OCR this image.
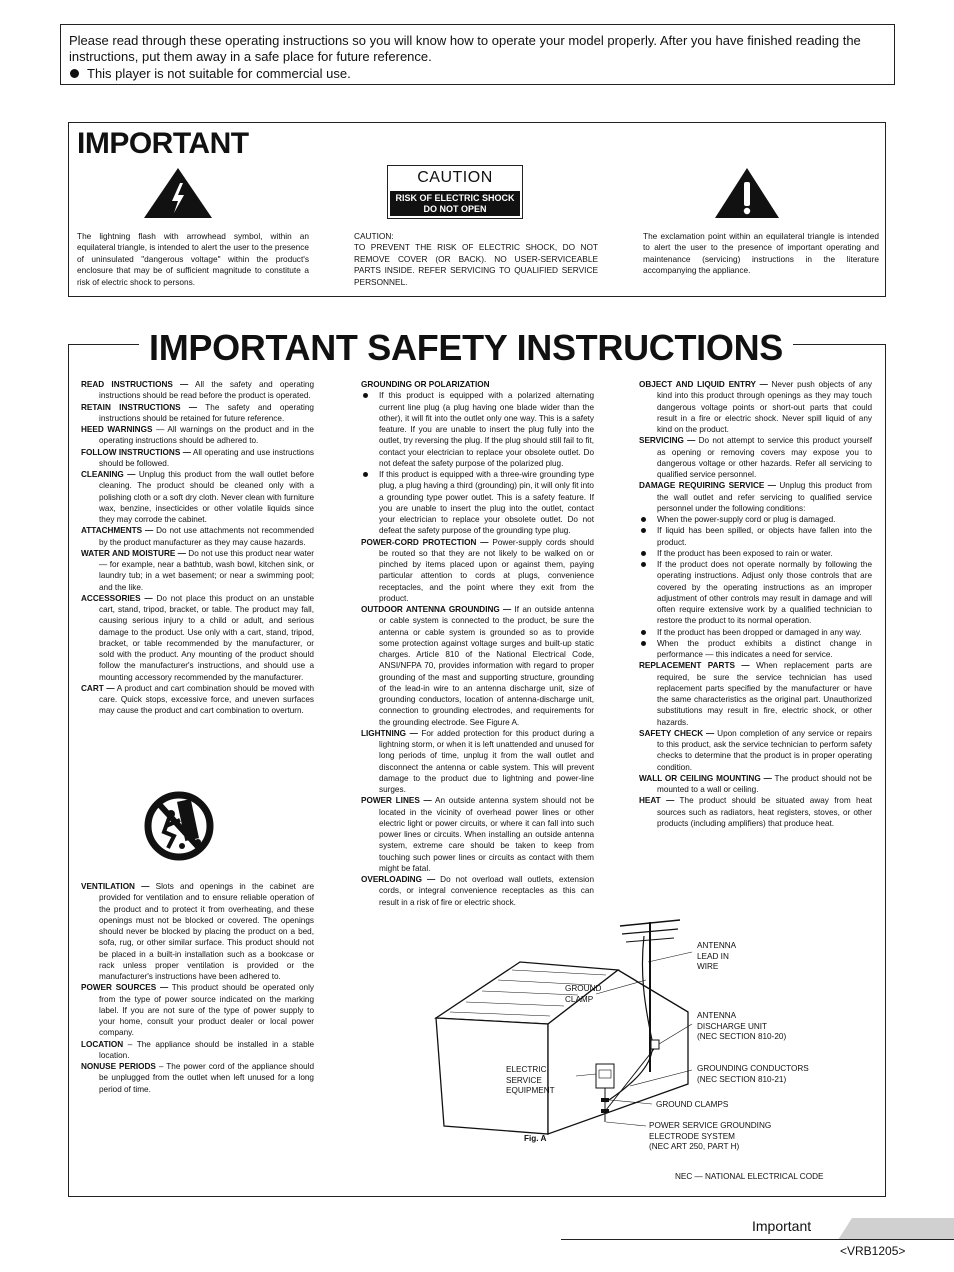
Please read through these operating instructions so you will know how to operate your model properly. After you have finished reading the instructions, put them away in a safe place for future reference.

This player is not suitable for commercial use.

IMPORTANT
CAUTION
RISK OF ELECTRIC SHOCK
DO NOT OPEN

The lightning flash with arrowhead symbol, within an equilateral triangle, is intended to alert the user to the presence of uninsulated "dangerous voltage" within the product's enclosure that may be of sufficient magnitude to constitute a risk of electric shock to persons.

CAUTION:
TO PREVENT THE RISK OF ELECTRIC SHOCK, DO NOT REMOVE COVER (OR BACK). NO USER-SERVICEABLE PARTS INSIDE. REFER SERVICING TO QUALIFIED SERVICE PERSONNEL.

The exclamation point within an equilateral triangle is intended to alert the user to the presence of important operating and maintenance (servicing) instructions in the literature accompanying the appliance.

IMPORTANT SAFETY INSTRUCTIONS
READ INSTRUCTIONS — All the safety and operating instructions should be read before the product is operated.
RETAIN INSTRUCTIONS — The safety and operating instructions should be retained for future reference.
HEED WARNINGS — All warnings on the product and in the operating instructions should be adhered to.
FOLLOW INSTRUCTIONS — All operating and use instructions should be followed.
CLEANING — Unplug this product from the wall outlet before cleaning. The product should be cleaned only with a polishing cloth or a soft dry cloth. Never clean with furniture wax, benzine, insecticides or other volatile liquids since they may corrode the cabinet.
ATTACHMENTS — Do not use attachments not recommended by the product manufacturer as they may cause hazards.
WATER AND MOISTURE — Do not use this product near water — for example, near a bathtub, wash bowl, kitchen sink, or laundry tub; in a wet basement; or near a swimming pool; and the like.
ACCESSORIES — Do not place this product on an unstable cart, stand, tripod, bracket, or table. The product may fall, causing serious injury to a child or adult, and serious damage to the product. Use only with a cart, stand, tripod, bracket, or table recommended by the manufacturer, or sold with the product. Any mounting of the product should follow the manufacturer's instructions, and should use a mounting accessory recommended by the manufacturer.
CART — A product and cart combination should be moved with care. Quick stops, excessive force, and uneven surfaces may cause the product and cart combination to overturn.
VENTILATION — Slots and openings in the cabinet are provided for ventilation and to ensure reliable operation of the product and to protect it from overheating, and these openings must not be blocked or covered. The openings should never be blocked by placing the product on a bed, sofa, rug, or other similar surface. This product should not be placed in a built-in installation such as a bookcase or rack unless proper ventilation is provided or the manufacturer's instructions have been adhered to.
POWER SOURCES — This product should be operated only from the type of power source indicated on the marking label. If you are not sure of the type of power supply to your home, consult your product dealer or local power company.
LOCATION – The appliance should be installed in a stable location.
NONUSE PERIODS – The power cord of the appliance should be unplugged from the outlet when left unused for a long period of time.
GROUNDING OR POLARIZATION
If this product is equipped with a polarized alternating current line plug (a plug having one blade wider than the other), it will fit into the outlet only one way. This is a safety feature. If you are unable to insert the plug fully into the outlet, try reversing the plug. If the plug should still fail to fit, contact your electrician to replace your obsolete outlet. Do not defeat the safety purpose of the polarized plug.
If this product is equipped with a three-wire grounding type plug, a plug having a third (grounding) pin, it will only fit into a grounding type power outlet. This is a safety feature. If you are unable to insert the plug into the outlet, contact your electrician to replace your obsolete outlet. Do not defeat the safety purpose of the grounding type plug.
POWER-CORD PROTECTION — Power-supply cords should be routed so that they are not likely to be walked on or pinched by items placed upon or against them, paying particular attention to cords at plugs, convenience receptacles, and the point where they exit from the product.
OUTDOOR ANTENNA GROUNDING — If an outside antenna or cable system is connected to the product, be sure the antenna or cable system is grounded so as to provide some protection against voltage surges and built-up static charges. Article 810 of the National Electrical Code, ANSI/NFPA 70, provides information with regard to proper grounding of the mast and supporting structure, grounding of the lead-in wire to an antenna discharge unit, size of grounding conductors, location of antenna-discharge unit, connection to grounding electrodes, and requirements for the grounding electrode. See Figure A.
LIGHTNING — For added protection for this product during a lightning storm, or when it is left unattended and unused for long periods of time, unplug it from the wall outlet and disconnect the antenna or cable system. This will prevent damage to the product due to lightning and power-line surges.
POWER LINES — An outside antenna system should not be located in the vicinity of overhead power lines or other electric light or power circuits, or where it can fall into such power lines or circuits. When installing an outside antenna system, extreme care should be taken to keep from touching such power lines or circuits as contact with them might be fatal.
OVERLOADING — Do not overload wall outlets, extension cords, or integral convenience receptacles as this can result in a risk of fire or electric shock.
OBJECT AND LIQUID ENTRY — Never push objects of any kind into this product through openings as they may touch dangerous voltage points or short-out parts that could result in a fire or electric shock. Never spill liquid of any kind on the product.
SERVICING — Do not attempt to service this product yourself as opening or removing covers may expose you to dangerous voltage or other hazards. Refer all servicing to qualified service personnel.
DAMAGE REQUIRING SERVICE — Unplug this product from the wall outlet and refer servicing to qualified service personnel under the following conditions:
When the power-supply cord or plug is damaged.
If liquid has been spilled, or objects have fallen into the product.
If the product has been exposed to rain or water.
If the product does not operate normally by following the operating instructions. Adjust only those controls that are covered by the operating instructions as an improper adjustment of other controls may result in damage and will often require extensive work by a qualified technician to restore the product to its normal operation.
If the product has been dropped or damaged in any way.
When the product exhibits a distinct change in performance — this indicates a need for service.
REPLACEMENT PARTS — When replacement parts are required, be sure the service technician has used replacement parts specified by the manufacturer or have the same characteristics as the original part. Unauthorized substitutions may result in fire, electric shock, or other hazards.
SAFETY CHECK — Upon completion of any service or repairs to this product, ask the service technician to perform safety checks to determine that the product is in proper operating condition.
WALL OR CEILING MOUNTING — The product should not be mounted to a wall or ceiling.
HEAT — The product should be situated away from heat sources such as radiators, heat registers, stoves, or other products (including amplifiers) that produce heat.
ANTENNA
LEAD IN
WIRE
GROUND
CLAMP
ANTENNA
DISCHARGE UNIT
(NEC SECTION 810-20)
ELECTRIC
SERVICE
EQUIPMENT
GROUNDING CONDUCTORS
(NEC SECTION 810-21)
GROUND CLAMPS
POWER SERVICE GROUNDING
ELECTRODE SYSTEM
(NEC ART 250, PART H)
Fig. A
NEC — NATIONAL ELECTRICAL CODE
Important
<VRB1205>
